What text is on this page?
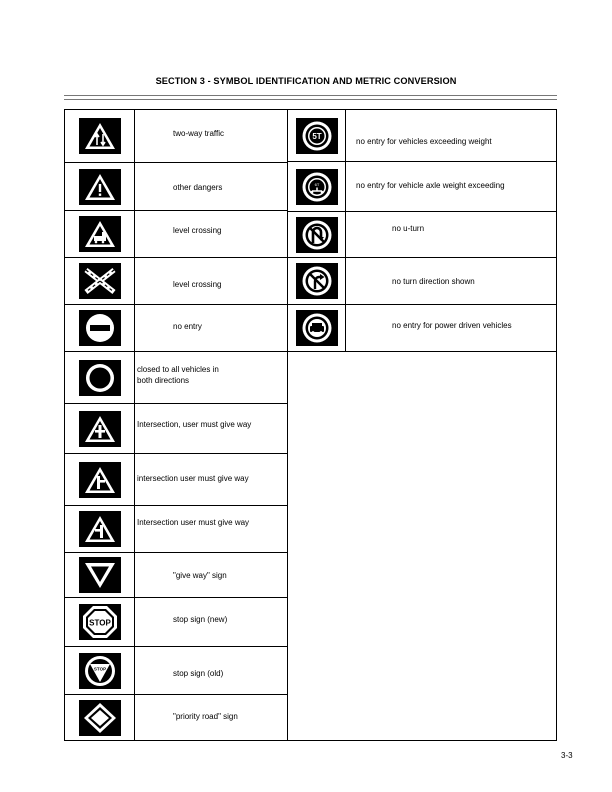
SECTION 3 - SYMBOL IDENTIFICATION AND METRIC CONVERSION
two-way traffic
other dangers
level crossing
level crossing
no entry
closed to all vehicles in
both directions
Intersection, user must give way
intersection user must give way
Intersection user must give way
"give way" sign
STOP	stop sign (new)
STOP
stop sign (old)
"priority road" sign
5T
no entry for vehicles exceeding weight
6T	no entry for vehicle axle weight exceeding
no u-turn
no turn direction shown
no entry for power driven vehicles
3-3
